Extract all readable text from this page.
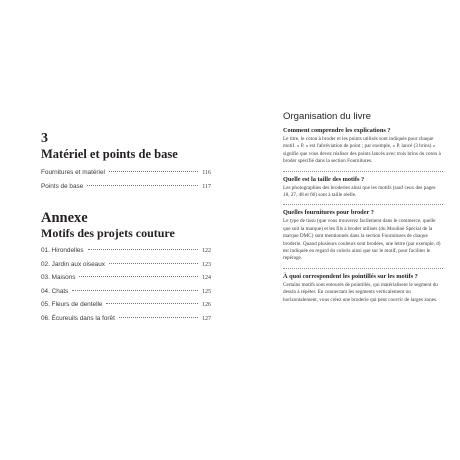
3

Matériel et points de base

Fournitures et matériel	116
Points de base	117

Annexe

Motifs des projets couture

01. Hirondelles	122
02. Jardin aux oiseaux	123
03. Maisons	124
04. Chats	125
05. Fleurs de dentelle	126
06. Écureuils dans la forêt	127

Organisation du livre

Comment comprendre les explications ?

Le titre, le coton à broder et les points utilisés sont indiqués pour chaque motif. « P. » est l'abréviation de point ; par exemple, « P. lancé (3 brins) » signifie que vous devez réaliser des points lancés avec trois brins du coton à broder spécifié dans la section Fournitures.

Quelle est la taille des motifs ?

Les photographies des broderies ainsi que les motifs (sauf ceux des pages 18, 27, 48 et 66) sont à taille réelle.

Quelles fournitures pour broder ?

Le type de tissu (que vous trouverez facilement dans le commerce, quelle que soit la marque) et les fils à broder utilisés (du Mouliné Spécial de la marque DMC) sont mentionnés dans la section Fournitures de chaque broderie. Quand plusieurs couleurs sont brodées, une lettre (par exemple, d) est indiquée en regard du coloris ainsi que sur le motif, pour faciliter le repérage.

À quoi correspondent les pointillés sur les motifs ?

Certains motifs sont entourés de pointillés, qui matérialisent le segment du dessin à répéter. En connectant les segments verticalement ou horizontalement, vous créez une broderie qui peut couvrir de larges zones.
